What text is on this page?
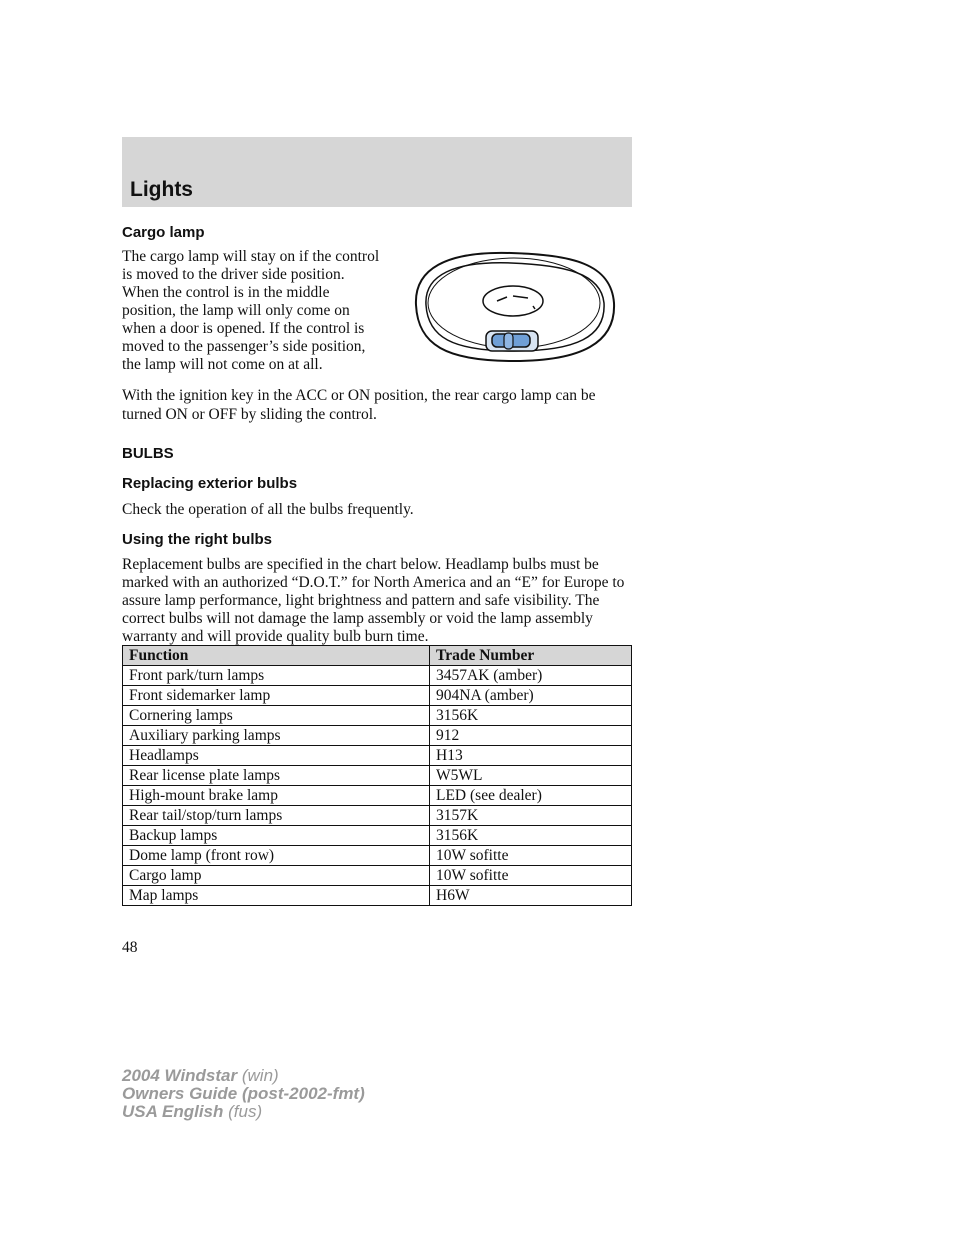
Lights
Cargo lamp
The cargo lamp will stay on if the control is moved to the driver side position. When the control is in the middle position, the lamp will only come on when a door is opened. If the control is moved to the passenger’s side position, the lamp will not come on at all.
With the ignition key in the ACC or ON position, the rear cargo lamp can be turned ON or OFF by sliding the control.
BULBS
Replacing exterior bulbs
Check the operation of all the bulbs frequently.
Using the right bulbs
Replacement bulbs are specified in the chart below. Headlamp bulbs must be marked with an authorized “D.O.T.” for North America and an “E” for Europe to assure lamp performance, light brightness and pattern and safe visibility. The correct bulbs will not damage the lamp assembly or void the lamp assembly warranty and will provide quality bulb burn time.
Function	Trade Number
Front park/turn lamps	3457AK (amber)
Front sidemarker lamp	904NA (amber)
Cornering lamps	3156K
Auxiliary parking lamps	912
Headlamps	H13
Rear license plate lamps	W5WL
High-mount brake lamp	LED (see dealer)
Rear tail/stop/turn lamps	3157K
Backup lamps	3156K
Dome lamp (front row)	10W sofitte
Cargo lamp	10W sofitte
Map lamps	H6W
48
2004 Windstar (win)
Owners Guide (post-2002-fmt)
USA English (fus)
